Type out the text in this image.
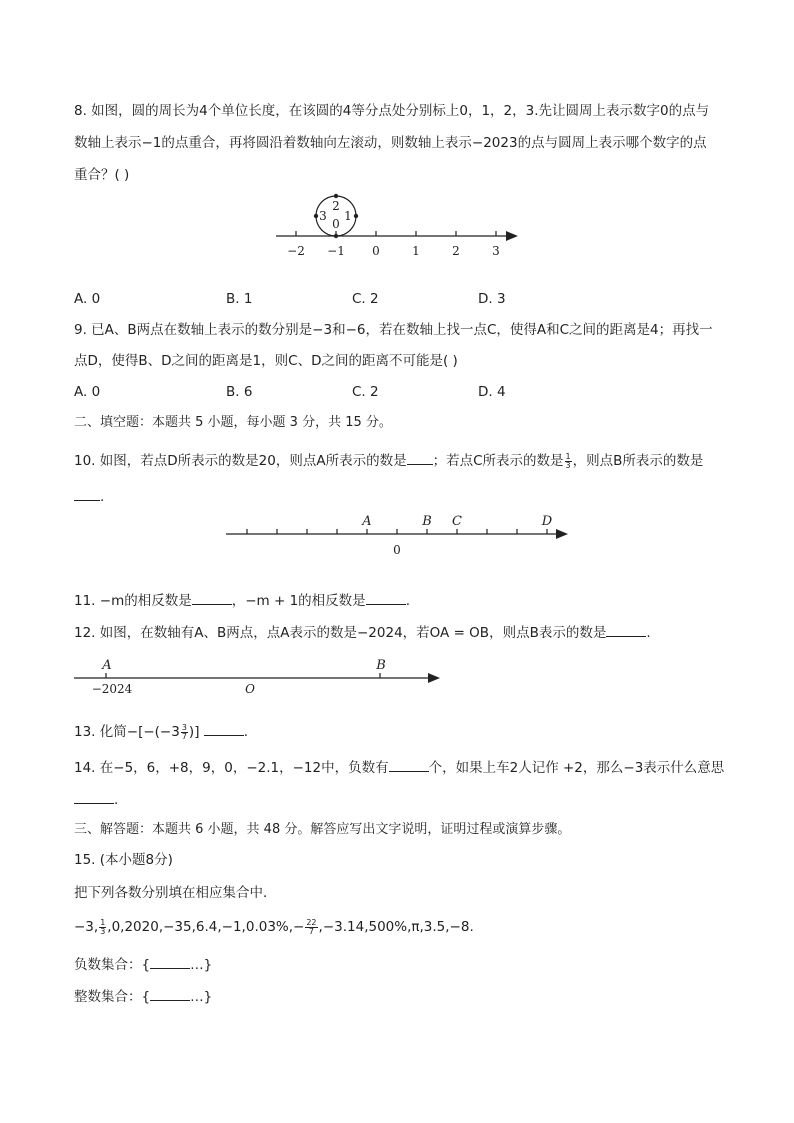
8. 如图，圆的周长为4个单位长度，在该圆的4等分点处分别标上0，1，2，3.先让圆周上表示数字0的点与
数轴上表示−1的点重合，再将圆沿着数轴向左滚动，则数轴上表示−2023的点与圆周上表示哪个数字的点
重合？( )
2
3 1
0
−2 −1 0	1	2	3
A. 0	B. 1	C. 2	D. 3
9. 已A、B两点在数轴上表示的数分别是−3和−6，若在数轴上找一点C，使得A和C之间的距离是4；再找一
点D，使得B、D之间的距离是1，则C、D之间的距离不可能是( )
A. 0	B. 6	C. 2	D. 4
二、填空题：本题共 5 小题，每小题 3 分，共 15 分。
10. 如图，若点D所表示的数是20，则点A所表示的数是 ；若点C所表示的数是 $\frac{1}{3}$ ，则点B所表示的数是
.
A	B C	D
0
11. −m的相反数是	，−m + 1的相反数是	.
12. 如图，在数轴有A、B两点，点A表示的数是−2024，若OA = OB，则点B表示的数是	.
A	B
−2024	O
13. 化简$-[-(-3 \frac{3}{7}$ )]	.
14. 在−5，6，+8，9，0，−2.1，−12中，负数有	个，如果上车2人记作 +2，那么−3表示什么意思
.
三、解答题：本题共 6 小题，共 48 分。解答应写出文字说明，证明过程或演算步骤。
15. (本小题8分)
把下列各数分别填在相应集合中．
−3, $\frac{1}{3} ,0,2020,-35,6.4,-1,0.03\%,- \frac{22}{7} ,-3.14,500\%,\pi,3.5,-8$.
负数集合：{	…}
整数集合：{	…}
